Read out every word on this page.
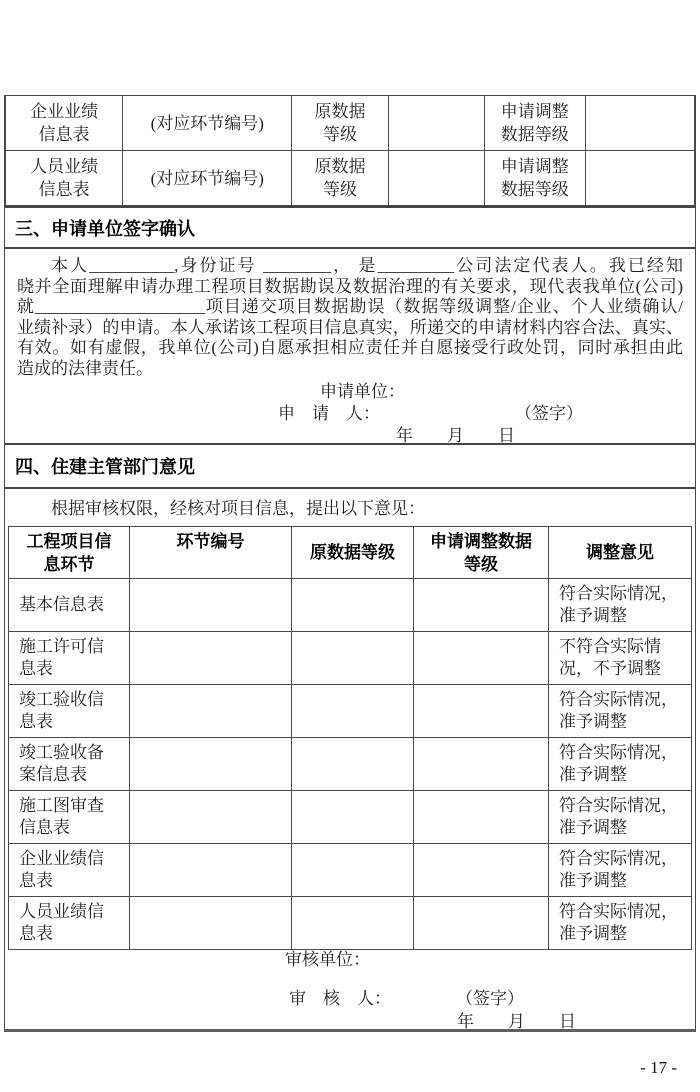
企业业绩信息表	(对应环节编号)	原数据等级		申请调整数据等级	
人员业绩信息表	(对应环节编号)	原数据等级		申请调整数据等级	
三、申请单位签字确认
本人__________,身份证号 ________， 是_________公司法定代表人。我已经知
晓并全面理解申请办理工程项目数据勘误及数据治理的有关要求，现代表我单位(公司)
就____________________项目递交项目数据勘误（数据等级调整/企业、个人业绩确认/
业绩补录）的申请。本人承诺该工程项目信息真实，所递交的申请材料内容合法、真实、
有效。如有虚假，我单位(公司)自愿承担相应责任并自愿接受行政处罚，同时承担由此
造成的法律责任。
申请单位：
申　请　人：	（签字）
年　　月　　日
四、住建主管部门意见
根据审核权限，经核对项目信息，提出以下意见：
工程项目信息环节	环节编号	原数据等级	申请调整数据等级	调整意见
基本信息表				符合实际情况，准予调整
施工许可信息表				不符合实际情况，不予调整
竣工验收信息表				符合实际情况，准予调整
竣工验收备案信息表				符合实际情况，准予调整
施工图审查信息表				符合实际情况，准予调整
企业业绩信息表				符合实际情况，准予调整
人员业绩信息表				符合实际情况，准予调整
审核单位：
审　核　人：	（签字）
年　　月　　日
- 17 -
